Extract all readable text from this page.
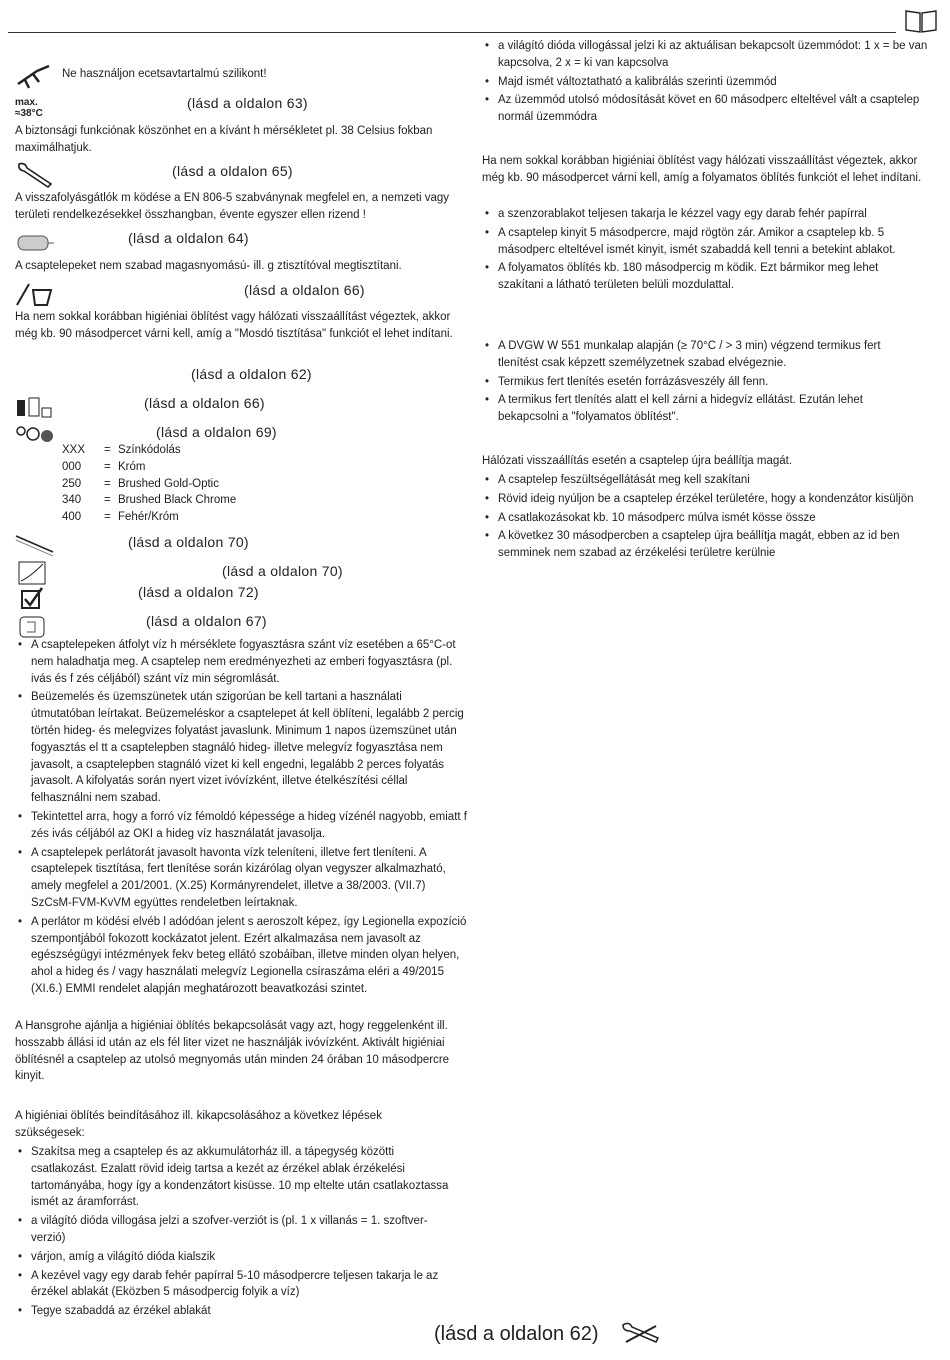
Ne használjon ecetsavtartalmú szilikont!

max.
≈38°C

(lásd a oldalon 63)

A biztonsági funkciónak köszönhet en a kívánt h mérsékletet pl. 38 Celsius fokban maximálhatjuk.

(lásd a oldalon 65)

A visszafolyásgátlók m ködése a EN 806-5 szabványnak megfelel en, a nemzeti vagy területi rendelkezésekkel összhangban, évente egyszer ellen rizend !

(lásd a oldalon 64)

A csaptelepeket nem szabad magasnyomású- ill. g ztisztítóval megtisztítani.

(lásd a oldalon 66)

Ha nem sokkal korábban higiéniai öblítést vagy hálózati visszaállítást végeztek, akkor még kb. 90 másodpercet várni kell, amíg a "Mosdó tisztítása" funkciót el lehet indítani.

(lásd a oldalon 62)

(lásd a oldalon 66)

(lásd a oldalon 69)

XXX	= Színkódolás
000	= Króm
250	= Brushed Gold-Optic
340	= Brushed Black Chrome
400	= Fehér/Króm

(lásd a oldalon 70)

(lásd a oldalon 70)

(lásd a oldalon 72)

(lásd a oldalon 67)

• A csaptelepeken átfolyt víz h mérséklete fogyasztásra szánt víz esetében a 65°C-ot nem haladhatja meg. A csaptelep nem eredményezheti az emberi fogyasztásra (pl. ivás és f zés céljából) szánt víz min ségromlását.
• Beüzemelés és üzemszünetek után szigorúan be kell tartani a használati útmutatóban leírtakat. Beüzemeléskor a csaptelepet át kell öblíteni, legalább 2 percig történ hideg- és melegvizes folyatást javaslunk. Minimum 1 napos üzemszünet után fogyasztás el tt a csaptelepben stagnáló hideg- illetve melegvíz fogyasztása nem javasolt, a csaptelepben stagnáló vizet ki kell engedni, legalább 2 perces folyatás javasolt. A kifolyatás során nyert vizet ivóvízként, illetve ételkészítési céllal felhasználni nem szabad.
• Tekintettel arra, hogy a forró víz fémoldó képessége a hideg vízénél nagyobb, emiatt f zés ivás céljából az OKI a hideg víz használatát javasolja.
• A csaptelepek perlátorát javasolt havonta vízk teleníteni, illetve fert tleníteni. A csaptelepek tisztítása, fert tlenítése során kizárólag olyan vegyszer alkalmazható, amely megfelel a 201/2001. (X.25) Kormányrendelet, illetve a 38/2003. (VII.7) SzCsM-FVM-KvVM együttes rendeletben leírtaknak.
• A perlátor m ködési elvéb l adódóan jelent s aeroszolt képez, így Legionella expozíció szempontjából fokozott kockázatot jelent. Ezért alkalmazása nem javasolt az egészségügyi intézmények fekv beteg ellátó szobáiban, illetve minden olyan helyen, ahol a hideg és / vagy használati melegvíz Legionella csíraszáma eléri a 49/2015 (XI.6.) EMMI rendelet alapján meghatározott beavatkozási szintet.

A Hansgrohe ajánlja a higiéniai öblítés bekapcsolását vagy azt, hogy reggelenként ill. hosszabb állási id után az els fél liter vizet ne használják ivóvízként. Aktivált higiéniai öblítésnél a csaptelep az utolsó megnyomás után minden 24 órában 10 másodpercre kinyit.

A higiéniai öblítés beindításához ill. kikapcsolásához a következ lépések szükségesek:

• Szakítsa meg a csaptelep és az akkumulátorház ill. a tápegység közötti csatlakozást. Ezalatt rövid ideig tartsa a kezét az érzékel ablak érzékelési tartományába, hogy így a kondenzátort kisüsse. 10 mp eltelte után csatlakoztassa ismét az áramforrást.
• a világító dióda villogása jelzi a szofver-verziót is (pl. 1 x villanás = 1. szoftver-verzió)
• várjon, amíg a világító dióda kialszik
• A kezével vagy egy darab fehér papírral 5-10 másodpercre teljesen takarja le az érzékel ablakát (Eközben 5 másodpercig folyik a víz)
• Tegye szabaddá az érzékel ablakát
• a világító dióda villogással jelzi ki az aktuálisan bekapcsolt üzemmódot: 1 x = be van kapcsolva, 2 x = ki van kapcsolva
• Majd ismét változtatható a kalibrálás szerinti üzemmód
• Az üzemmód utolsó módosítását követ en 60 másodperc elteltével vált a csaptelep normál üzemmódra

Ha nem sokkal korábban higiéniai öblítést vagy hálózati visszaállítást végeztek, akkor még kb. 90 másodpercet várni kell, amíg a folyamatos öblítés funkciót el lehet indítani.

• a szenzorablakot teljesen takarja le kézzel vagy egy darab fehér papírral
• A csaptelep kinyit 5 másodpercre, majd rögtön zár. Amikor a csaptelep kb. 5 másodperc elteltével ismét kinyit, ismét szabaddá kell tenni a betekint ablakot.
• A folyamatos öblítés kb. 180 másodpercig m ködik. Ezt bármikor meg lehet szakítani a látható területen belüli mozdulattal.
• A DVGW W 551 munkalap alapján (≥ 70°C / > 3 min) végzend termikus fert tlenítést csak képzett személyzetnek szabad elvégeznie.
• Termikus fert tlenítés esetén forrázásveszély áll fenn.
• A termikus fert tlenítés alatt el kell zárni a hidegvíz ellátást. Ezután lehet bekapcsolni a "folyamatos öblítést".

Hálózati visszaállítás esetén a csaptelep újra beállítja magát.

• A csaptelep feszültségellátását meg kell szakítani
• Rövid ideig nyúljon be a csaptelep érzékel területére, hogy a kondenzátor kisüljön
• A csatlakozásokat kb. 10 másodperc múlva ismét kösse össze
• A következ 30 másodpercben a csaptelep újra beállítja magát, ebben az id ben semminek nem szabad az érzékelési területre kerülnie

(lásd a oldalon 62)
